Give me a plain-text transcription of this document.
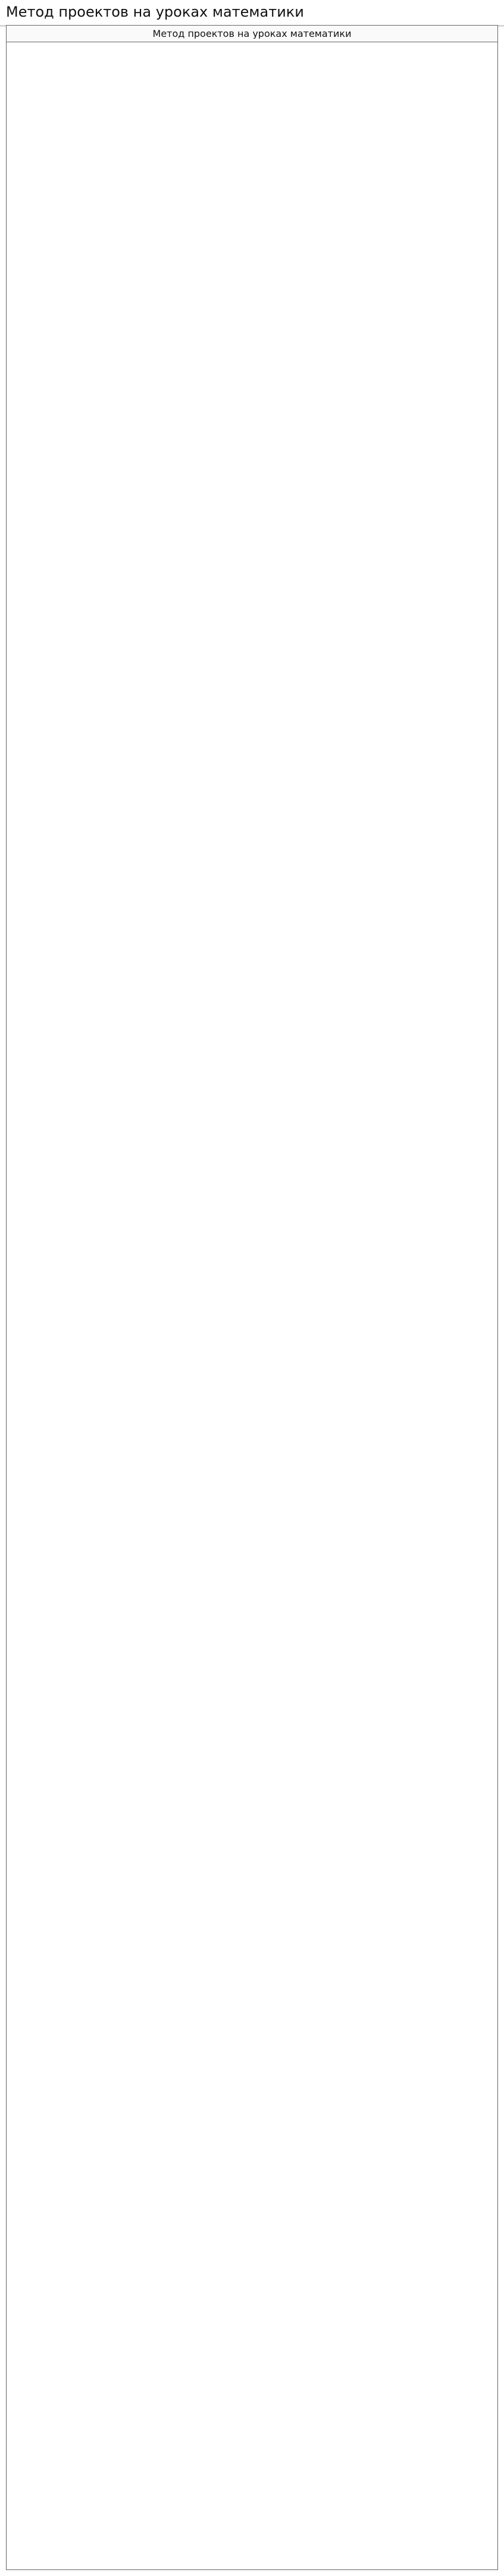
Метод проектов на уроках математики
Метод проектов на уроках математики
